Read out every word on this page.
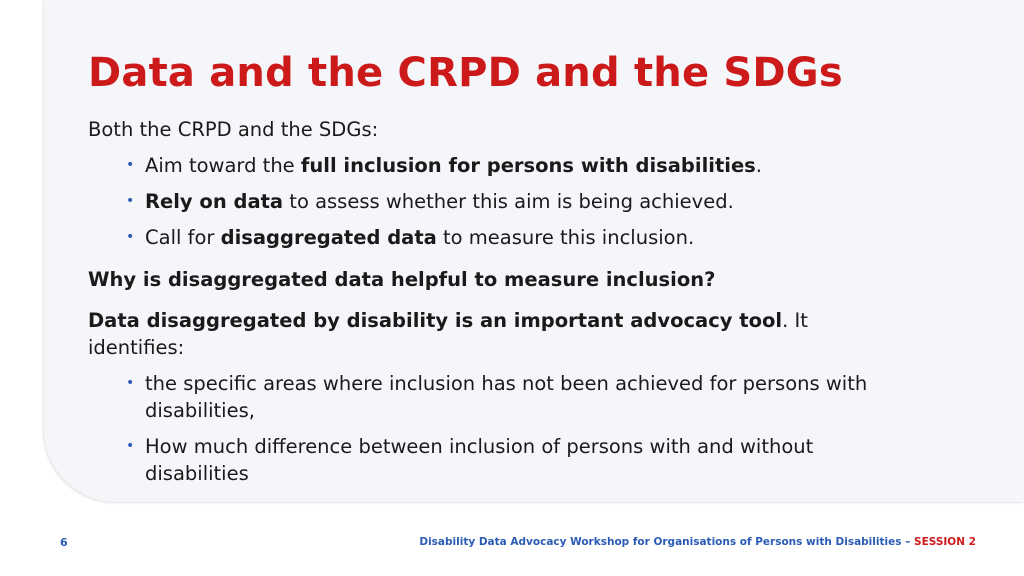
Data and the CRPD and the SDGs
Both the CRPD and the SDGs:
• Aim toward the full inclusion for persons with disabilities.
• Rely on data to assess whether this aim is being achieved.
• Call for disaggregated data to measure this inclusion.
Why is disaggregated data helpful to measure inclusion?
Data disaggregated by disability is an important advocacy tool. It identifies:
• the specific areas where inclusion has not been achieved for persons with disabilities,
• How much difference between inclusion of persons with and without disabilities
6	Disability Data Advocacy Workshop for Organisations of Persons with Disabilities – SESSION 2
